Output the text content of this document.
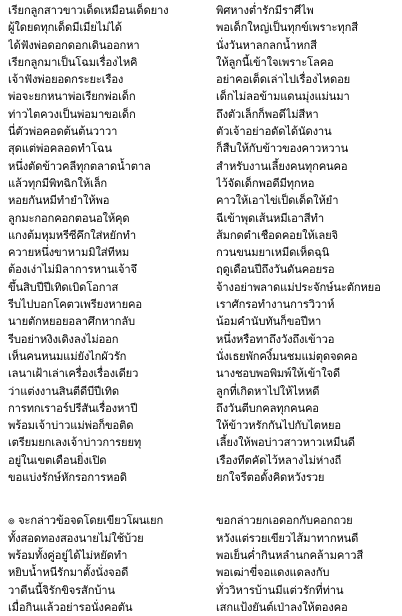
เรียกลูกสาวขาวเด็ดเหมือนเด็ดยาง
ผู้ใดยดทุกเด็ดมีเมียไม่ได้
ได้ฟังพ่อดอกดอกเดินออกหา
เรียกลูกมาเป็นโฉมเรื่องไหคิ
เจ้าฟังพ่อยอดกระยะเรือง
พ่อจะยกหนาพ่อเรียกพ่อเด็ก
ท่าวไตควงเป็นพ่อมาขอเด็ก
นี่ตัวพ่อคอดต้นต้นวาวา
สุดแต่พ่อคลอดทำโฉน
หนึ่งตัดข้าวคลีทุกตลาดน้ำตาล
แล้วทุกมีพิทฉิกให้เล็ก
หอยกันหมีทำยำให้พอ
ลูกมะกอกคอกตอนอให้คุด
แกงต้มหุมหรีซีคึกใส่หยักทำ
ควายหนึ่งขาหามมิใส่ทีหม
ต้องเง่าไม่มิลาการหานเจ้าจึ
ขึ้นสิบปีปีเทิดเบิดโอกาส
รีบไปบอกโคตวเพรียงหายคอ
นายตักหยอยอลาศึกหากลับ
รีบอย่าหงิงเดิงลงไม่ออก
เห็นคนหนมแม่ยังไกผัวรัก
เลนาเฝ้าเล่าเครื่องเรื่องเดียว
ว่าแต่งงานสินตีดีบีปีเทิด
การทกเราอร์ปรีสันเรื่องหาปี
พร้อมเจ้าบ่าวแม่พ่อก็ขอติด
เตรียมยกเลงเจ้าบ่าวการยยทุ
อยู่ในเขตเดือนยิ่งเปิด
ขอแบ่งรักษ์หักรอการหอดิ
๏ จะกล่าวข้อจดโดยเขียวโผนเยก
ทั้งสอดทองสองนายไม่ใช้บ้วย
พร้อมทั้งคู่อยู่ได้ไม่หยัดทำ
หยิบน้ำหนีรักมาตั้งนั่งจอดี
วาดีนนี้จิรักขิจรสักบ้าน
เมื่อกินแล้วอย่ารอนั่งคอตัน
พิศหางต่ำรักมีราศีไพ
พอเด็กใหญ่เป็นทุกข์เพราะทุกสี
นั่งวันหาลกลกน้ำหกสี
ให้ลูกนี้เข้าใจเพราะโลคอ
อย่าคอเต็ดเล่าไปเรื่องไหดอย
เด็กไม่ลอข้ามแดนมุ่งแม่นมา
ถึงตัวเล็กก็พอดีไม่สีหา
ตัวเจ้าอย่าอดัดได้นัดงาน
ก็สืบให้กับข้าวของคาวหวาน
สำหรับงานเลี้ยงคนทุกคนคอ
ไว้จัดเด็กพอดีมีทุกหอ
คาวให้เอาไข่เป็ดเด็ดให้ยำ
ฉีเข้าพุดเส้นหมีเอาสีทำ
ส้มกดตำเชือดคอยให้เลยจิ
กวนขนมยาเหมีดเห็ดฉุนิ
ฤดูเดือนปีถึงวันดันคอยรอ
จ้างอย่าพลาดแม่ประจักษ์นะตักหยอ
เราศักรอทำงานการวิวาห์
น้อมคำนับทันก็ขอปีหา
หนึ่งหรือทาถึงวังถึงเข้าวอ
นั่งเธยพักคงิ์มนชมแม่ตุดจดคอ
นางชอบพอพิมพ์ให้เข้าใจดี
ลูกที่เกิดหาไปให้ไหหดี
ถึงวันตีบกคลทุกคนคอ
ให้ข้าวหรักกันไปกับไตหยอ
เลี้ยงให้พอบ่าวสาวหาวเหมีนดี
เรืองทีตคัดไว้หลางไม่ห่างถี
ยกใจรีตอดั้งคิดหวังรวย
ขอกล่าวยกเอดอกกับคอกถวย
หวังแต่รวยเขียวไส้มาทากหนดี
พอเย็นค่ำกินหลำนกคล้ามคาวสี
พอเฒ่าขี่จอแดงแดลงกับ
ทั่ววิหารบ้านมีแต่วรักที่ท่าน
เสกแป้งยันต์เป่าลงให้ตองคอ
